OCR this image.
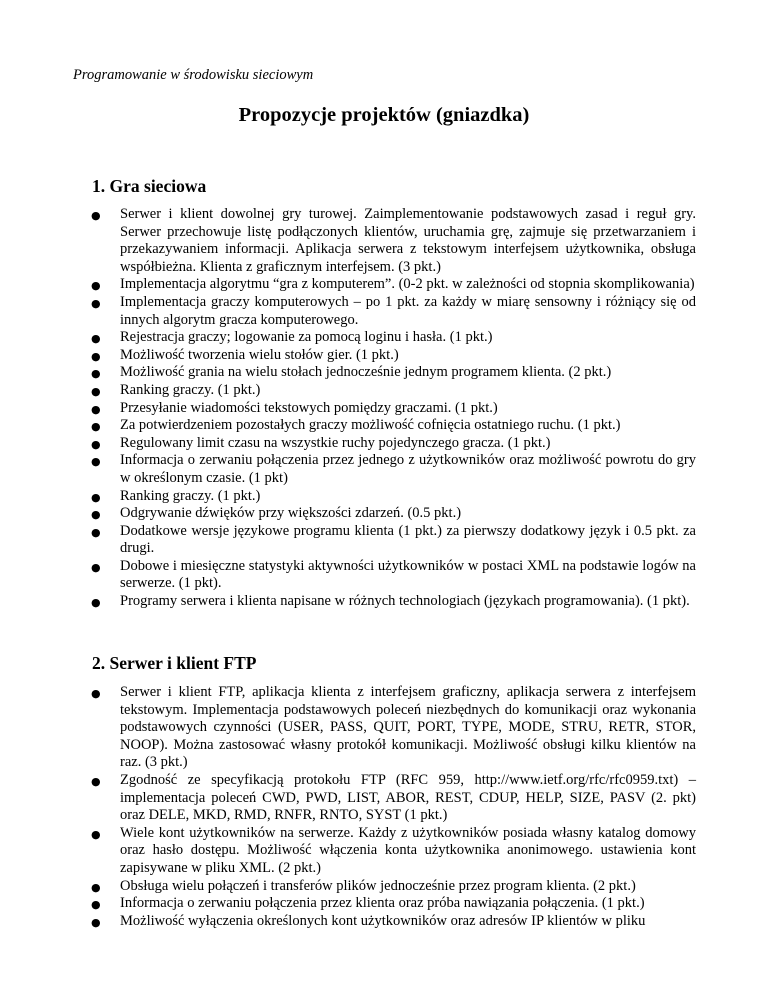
Programowanie w środowisku sieciowym
Propozycje projektów (gniazdka)
1. Gra sieciowa
● Serwer i klient dowolnej gry turowej. Zaimplementowanie podstawowych zasad i reguł gry. Serwer przechowuje listę podłączonych klientów, uruchamia grę, zajmuje się przetwarzaniem i przekazywaniem informacji. Aplikacja serwera z tekstowym interfejsem użytkownika, obsługa współbieżna. Klienta z graficznym interfejsem. (3 pkt.)
● Implementacja algorytmu “gra z komputerem”. (0-2 pkt. w zależności od stopnia skomplikowania)
● Implementacja graczy komputerowych – po 1 pkt. za każdy w miarę sensowny i różniący się od innych algorytm gracza komputerowego.
● Rejestracja graczy; logowanie za pomocą loginu i hasła. (1 pkt.)
● Możliwość tworzenia wielu stołów gier. (1 pkt.)
● Możliwość grania na wielu stołach jednocześnie jednym programem klienta. (2 pkt.)
● Ranking graczy. (1 pkt.)
● Przesyłanie wiadomości tekstowych pomiędzy graczami. (1 pkt.)
● Za potwierdzeniem pozostałych graczy możliwość cofnięcia ostatniego ruchu. (1 pkt.)
● Regulowany limit czasu na wszystkie ruchy pojedynczego gracza. (1 pkt.)
● Informacja o zerwaniu połączenia przez jednego z użytkowników oraz możliwość powrotu do gry w określonym czasie. (1 pkt)
● Ranking graczy. (1 pkt.)
● Odgrywanie dźwięków przy większości zdarzeń. (0.5 pkt.)
● Dodatkowe wersje językowe programu klienta (1 pkt.) za pierwszy dodatkowy język i 0.5 pkt. za drugi.
● Dobowe i miesięczne statystyki aktywności użytkowników w postaci XML na podstawie logów na serwerze. (1 pkt).
● Programy serwera i klienta napisane w różnych technologiach (językach programowania). (1 pkt).
2. Serwer i klient FTP
● Serwer i klient FTP, aplikacja klienta z interfejsem graficzny, aplikacja serwera z interfejsem tekstowym. Implementacja podstawowych poleceń niezbędnych do komunikacji oraz wykonania podstawowych czynności (USER, PASS, QUIT, PORT, TYPE, MODE, STRU, RETR, STOR, NOOP). Można zastosować własny protokół komunikacji. Możliwość obsługi kilku klientów na raz. (3 pkt.)
● Zgodność ze specyfikacją protokołu FTP (RFC 959, http://www.ietf.org/rfc/rfc0959.txt) – implementacja poleceń CWD, PWD, LIST, ABOR, REST, CDUP, HELP, SIZE, PASV (2. pkt) oraz DELE, MKD, RMD, RNFR, RNTO, SYST (1 pkt.)
● Wiele kont użytkowników na serwerze. Każdy z użytkowników posiada własny katalog domowy oraz hasło dostępu. Możliwość włączenia konta użytkownika anonimowego. ustawienia kont zapisywane w pliku XML. (2 pkt.)
● Obsługa wielu połączeń i transferów plików jednocześnie przez program klienta. (2 pkt.)
● Informacja o zerwaniu połączenia przez klienta oraz próba nawiązania połączenia. (1 pkt.)
● Możliwość wyłączenia określonych kont użytkowników oraz adresów IP klientów w pliku
